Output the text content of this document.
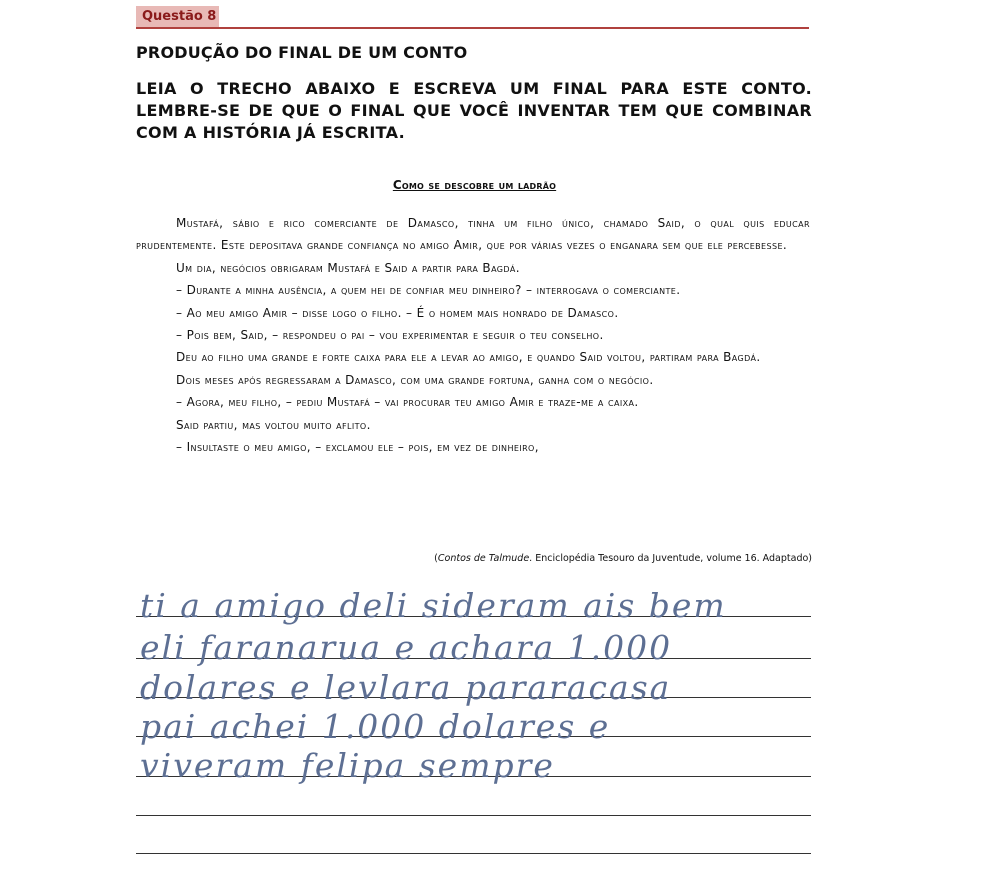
Questão 8
PRODUÇÃO DO FINAL DE UM CONTO

LEIA O TRECHO ABAIXO E ESCREVA UM FINAL PARA ESTE CONTO. LEMBRE-SE DE QUE O FINAL QUE VOCÊ INVENTAR TEM QUE COMBINAR COM A HISTÓRIA JÁ ESCRITA.

Como se descobre um ladrão

Mustafá, sábio e rico comerciante de Damasco, tinha um filho único, chamado Said, o qual quis educar prudentemente. Este depositava grande confiança no amigo Amir, que por várias vezes o enganara sem que ele percebesse.

Um dia, negócios obrigaram Mustafá e Said a partir para Bagdá.

– Durante a minha ausência, a quem hei de confiar meu dinheiro? – interrogava o comerciante.

– Ao meu amigo Amir – disse logo o filho. – É o homem mais honrado de Damasco.

– Pois bem, Said, – respondeu o pai – vou experimentar e seguir o teu conselho.

Deu ao filho uma grande e forte caixa para ele a levar ao amigo, e quando Said voltou, partiram para Bagdá.

Dois meses após regressaram a Damasco, com uma grande fortuna, ganha com o negócio.

– Agora, meu filho, – pediu Mustafá – vai procurar teu amigo Amir e traze-me a caixa.

Said partiu, mas voltou muito aflito.

– Insultaste o meu amigo, – exclamou ele – pois, em vez de dinheiro,

(Contos de Talmude. Enciclopédia Tesouro da Juventude, volume 16. Adaptado)

ti a amigo deli sideram ais bem

eli faranarua e achara 1.000

dolares e levlara pararacasa

pai achei 1.000 dolares e

viveram felipa sempre
